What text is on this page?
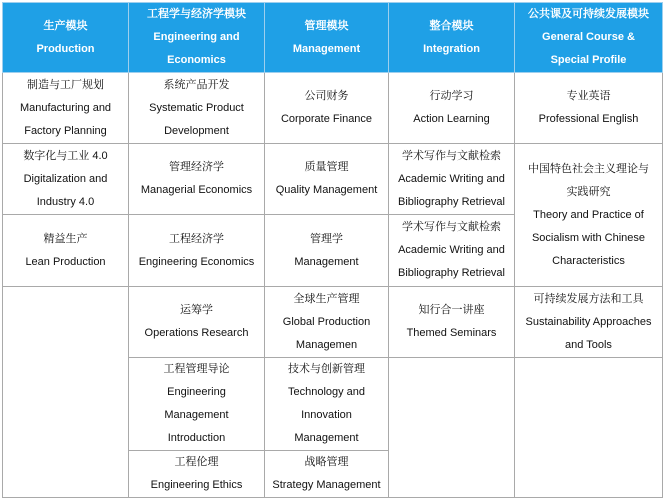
生产模块
Production	工程学与经济学模块
Engineering and
Economics	管理模块
Management	整合模块
Integration	公共课及可持续发展模块
General Course &
Special Profile

制造与工厂规划
Manufacturing and
Factory Planning	系统产品开发
Systematic Product
Development	公司财务
Corporate Finance	行动学习
Action Learning	专业英语
Professional English

数字化与工业 4.0
Digitalization and
Industry 4.0	管理经济学
Managerial Economics	质量管理
Quality Management	学术写作与文献检索
Academic Writing and
Bibliography Retrieval	中国特色社会主义理论与
实践研究
Theory and Practice of
Socialism with Chinese
Characteristics

精益生产
Lean Production	工程经济学
Engineering Economics	管理学
Management	学术写作与文献检索
Academic Writing and
Bibliography Retrieval	

	运筹学
Operations Research	全球生产管理
Global Production
Managemen	知行合一讲座
Themed Seminars	可持续发展方法和工具
Sustainability Approaches
and Tools

	工程管理导论
Engineering
Management
Introduction	技术与创新管理
Technology and
Innovation
Management		

	工程伦理
Engineering Ethics	战略管理
Strategy Management		
